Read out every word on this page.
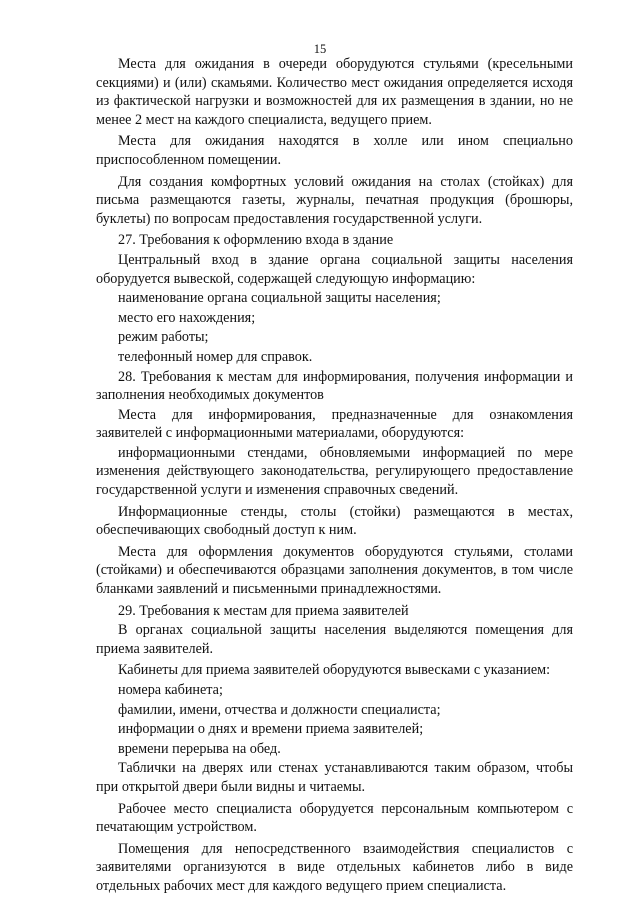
15

Места для ожидания в очереди оборудуются стульями (кресельными секциями) и (или) скамьями. Количество мест ожидания определяется исходя из фактической нагрузки и возможностей для их размещения в здании, но не менее 2 мест на каждого специалиста, ведущего прием.

Места для ожидания находятся в холле или ином специально приспособленном помещении.

Для создания комфортных условий ожидания на столах (стойках) для письма размещаются газеты, журналы, печатная продукция (брошюры, буклеты) по вопросам предоставления государственной услуги.

27. Требования к оформлению входа в здание

Центральный вход в здание органа социальной защиты населения оборудуется вывеской, содержащей следующую информацию:

наименование органа социальной защиты населения;

место его нахождения;

режим работы;

телефонный номер для справок.

28. Требования к местам для информирования, получения информации и заполнения необходимых документов

Места для информирования, предназначенные для ознакомления заявителей с информационными материалами, оборудуются:

информационными стендами, обновляемыми информацией по мере изменения действующего законодательства, регулирующего предоставление государственной услуги и изменения справочных сведений.

Информационные стенды, столы (стойки) размещаются в местах, обеспечивающих свободный доступ к ним.

Места для оформления документов оборудуются стульями, столами (стойками) и обеспечиваются образцами заполнения документов, в том числе бланками заявлений и письменными принадлежностями.

29. Требования к местам для приема заявителей

В органах социальной защиты населения выделяются помещения для приема заявителей.

Кабинеты для приема заявителей оборудуются вывесками с указанием:

номера кабинета;

фамилии, имени, отчества и должности специалиста;

информации о днях и времени приема заявителей;

времени перерыва на обед.

Таблички на дверях или стенах устанавливаются таким образом, чтобы при открытой двери были видны и читаемы.

Рабочее место специалиста оборудуется персональным компьютером с печатающим устройством.

Помещения для непосредственного взаимодействия специалистов с заявителями организуются в виде отдельных кабинетов либо в виде отдельных рабочих мест для каждого ведущего прием специалиста.
